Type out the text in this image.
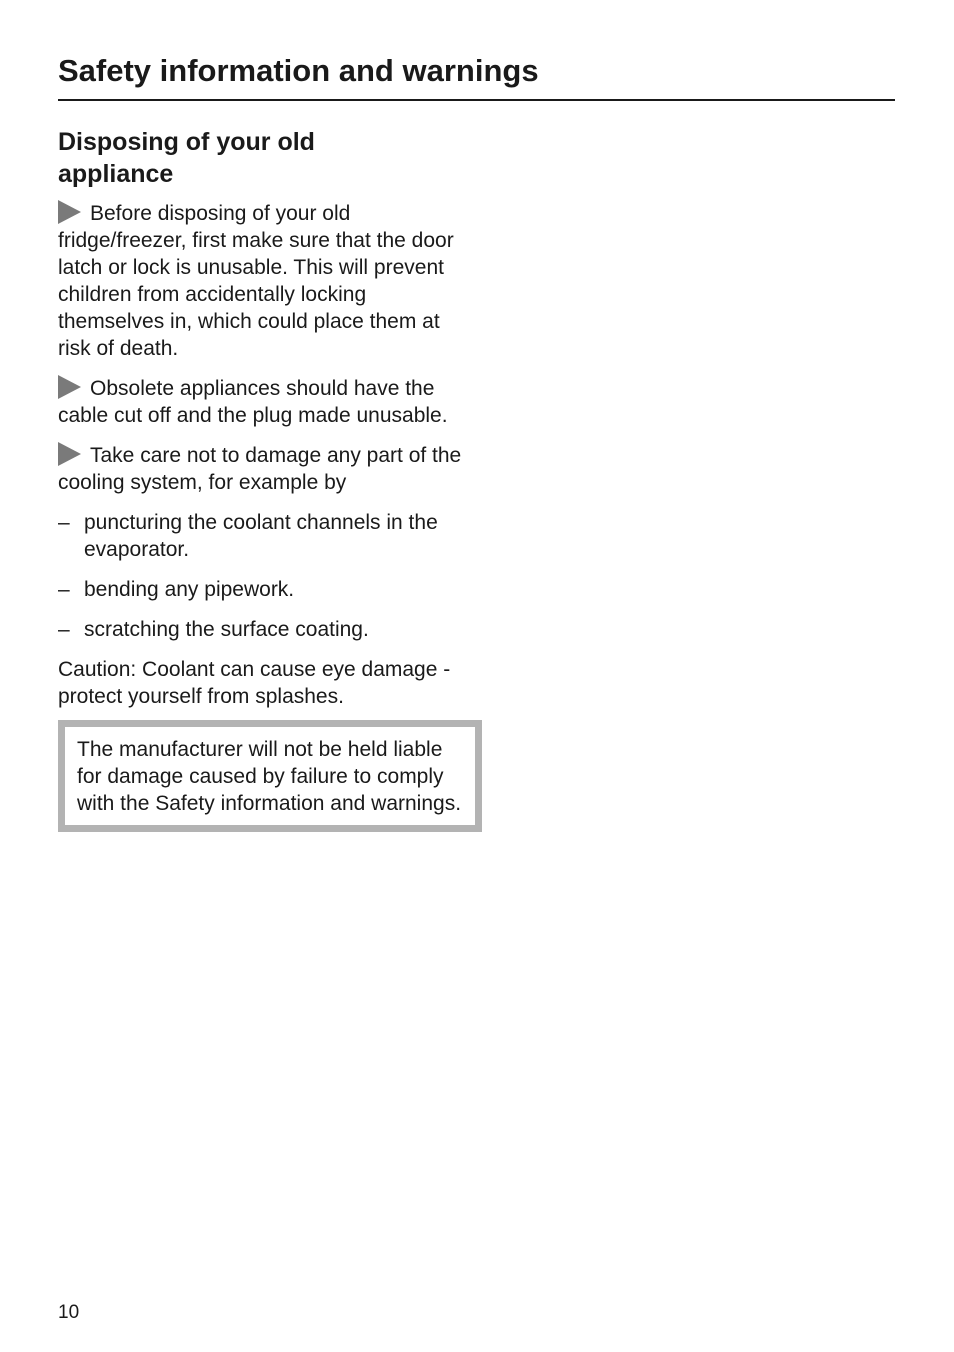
Safety information and warnings
Disposing of your old
appliance

Before disposing of your old fridge/freezer, first make sure that the door latch or lock is unusable. This will prevent children from accidentally locking themselves in, which could place them at risk of death.

Obsolete appliances should have the cable cut off and the plug made unusable.

Take care not to damage any part of the cooling system, for example by

– puncturing the coolant channels in the evaporator.
– bending any pipework.
– scratching the surface coating.

Caution: Coolant can cause eye damage - protect yourself from splashes.

The manufacturer will not be held liable for damage caused by failure to comply with the Safety information and warnings.

10
